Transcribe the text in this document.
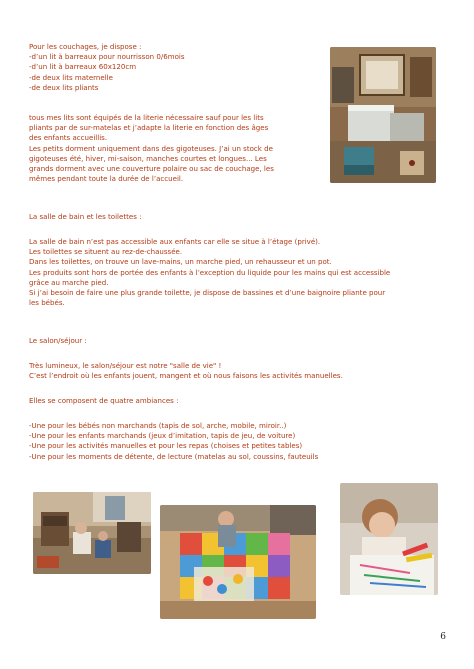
Pour les couchages, je dispose :
-d’un lit à barreaux pour nourrisson 0/6mois
-d’un lit à barreaux 60x120cm
-de deux lits maternelle
-de deux lits pliants
tous mes lits sont équipés de la literie nécessaire sauf pour les lits
pliants par de sur-matelas et j’adapte la literie en fonction des âges
des enfants accueillis.
Les petits dorment uniquement dans des gigoteuses. J’ai un stock de
gigoteuses été, hiver, mi-saison, manches courtes et longues... Les
grands dorment avec une couverture polaire ou sac de couchage, les
mêmes pendant toute la durée de l’accueil.
La salle de bain et les toilettes :
La salle de bain n’est pas accessible aux enfants car elle se situe à l’étage (privé).
Les toilettes se situent au rez-de-chaussée.
Dans les toilettes, on trouve un lave-mains, un marche pied, un rehausseur et un pot.
Les produits sont hors de portée des enfants à l’exception du liquide pour les mains qui est accessible
grâce au marche pied.
Si j’ai besoin de faire une plus grande toilette, je dispose de bassines et d’une baignoire pliante pour
les bébés.
Le salon/séjour :
Très lumineux, le salon/séjour est notre "salle de vie" !
C’est l’endroit où les enfants jouent, mangent et où nous faisons les activités manuelles.
Elles se composent de quatre ambiances :
-Une pour les bébés non marchands (tapis de sol, arche, mobile, miroir..)
-Une pour les enfants marchands (jeux d’imitation, tapis de jeu, de voiture)
-Une pour les activités manuelles et pour les repas (choises et petites tables)
-Une pour les moments de détente, de lecture (matelas au sol, coussins, fauteuils
6
